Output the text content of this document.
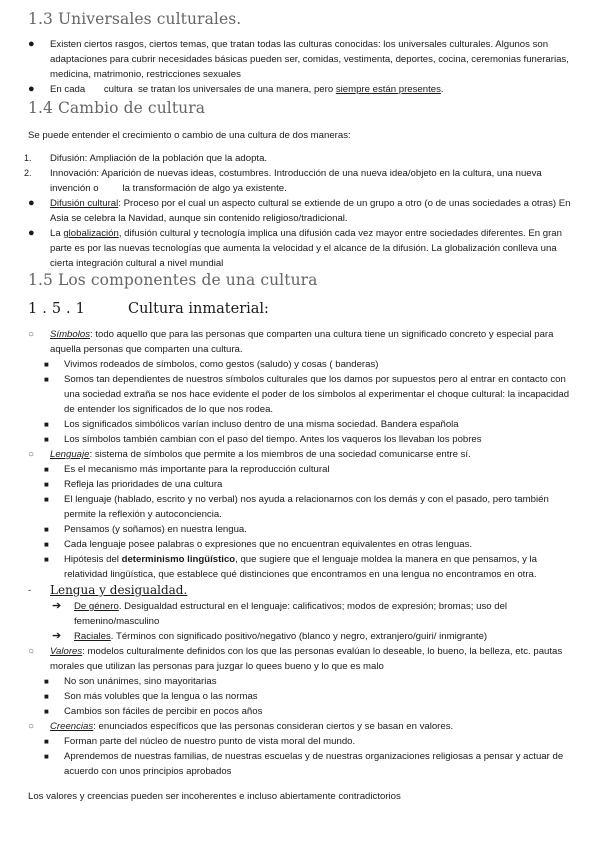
1.3 Universales culturales.
● Existen ciertos rasgos, ciertos temas, que tratan todas las culturas conocidas: los universales culturales. Algunos son adaptaciones para cubrir necesidades básicas pueden ser, comidas, vestimenta, deportes, cocina, ceremonias funerarias, medicina, matrimonio, restricciones sexuales
● En cada       cultura  se tratan los universales de una manera, pero siempre están presentes.
1.4 Cambio de cultura
Se puede entender el crecimiento o cambio de una cultura de dos maneras:
1. Difusión: Ampliación de la población que la adopta.
2. Innovación: Aparición de nuevas ideas, costumbres. Introducción de una nueva idea/objeto en la cultura, una nueva  invención o         la transformación de algo ya existente.
● Difusión cultural: Proceso por el cual un aspecto cultural se extiende de un grupo a otro (o de unas sociedades a otras) En Asia se celebra la Navidad, aunque sin contenido religioso/tradicional.
● La globalización, difusión cultural y tecnología implica una difusión cada vez mayor entre sociedades diferentes. En gran parte es por las nuevas tecnologías que aumenta la velocidad y el alcance de la difusión. La globalización conlleva una cierta integración cultural a nivel mundial
1.5 Los componentes de una cultura
1.5.1	Cultura inmaterial:
○ Símbolos: todo aquello que para las personas que comparten una cultura tiene un significado concreto y especial para aquella personas que comparten una cultura.
■ Vivimos rodeados de símbolos, como gestos (saludo) y cosas ( banderas)
■ Somos tan dependientes de nuestros símbolos culturales que los damos por supuestos pero al entrar en contacto con una sociedad extraña se nos hace evidente el poder de los símbolos al experimentar el choque cultural: la incapacidad de entender los significados de lo que nos rodea.
■ Los significados simbólicos varían incluso dentro de una misma sociedad. Bandera española
■ Los símbolos también cambian con el paso del tiempo. Antes los vaqueros los llevaban los pobres
○ Lenguaje: sistema de símbolos que permite a los miembros de una sociedad comunicarse entre sí.
■ Es el mecanismo más importante para la reproducción cultural
■ Refleja las prioridades de una cultura
■ El lenguaje (hablado, escrito y no verbal) nos ayuda a relacionarnos con los demás y con el pasado, pero también permite la reflexión y autoconciencia.
■ Pensamos (y soñamos) en nuestra lengua.
■ Cada lenguaje posee palabras o expresiones que no encuentran equivalentes en otras lenguas.
■ Hipótesis del determinismo lingüístico, que sugiere que el lenguaje moldea la manera en que pensamos, y la relatividad lingüística, que establece qué distinciones que encontramos en una lengua no encontramos en otra.
- Lengua y desigualdad.
➔ De género. Desigualdad estructural en el lenguaje: calificativos; modos de expresión; bromas; uso del femenino/masculino
➔ Raciales. Términos con significado positivo/negativo (blanco y negro, extranjero/guiri/ inmigrante)
○ Valores: modelos culturalmente definidos con los que las personas evalúan lo deseable, lo bueno, la belleza, etc. pautas morales que utilizan las personas para juzgar lo quees bueno y lo que es malo
■ No son unánimes, sino mayoritarias
■ Son más volubles que la lengua o las normas
■ Cambios son fáciles de percibir en pocos años
○ Creencias: enunciados específicos que las personas consideran ciertos y se basan en valores.
■ Forman parte del núcleo de nuestro punto de vista moral del mundo.
■ Aprendemos de nuestras familias, de nuestras escuelas y de nuestras organizaciones religiosas a pensar y actuar de acuerdo con unos principios aprobados
Los valores y creencias pueden ser incoherentes e incluso abiertamente contradictorios
